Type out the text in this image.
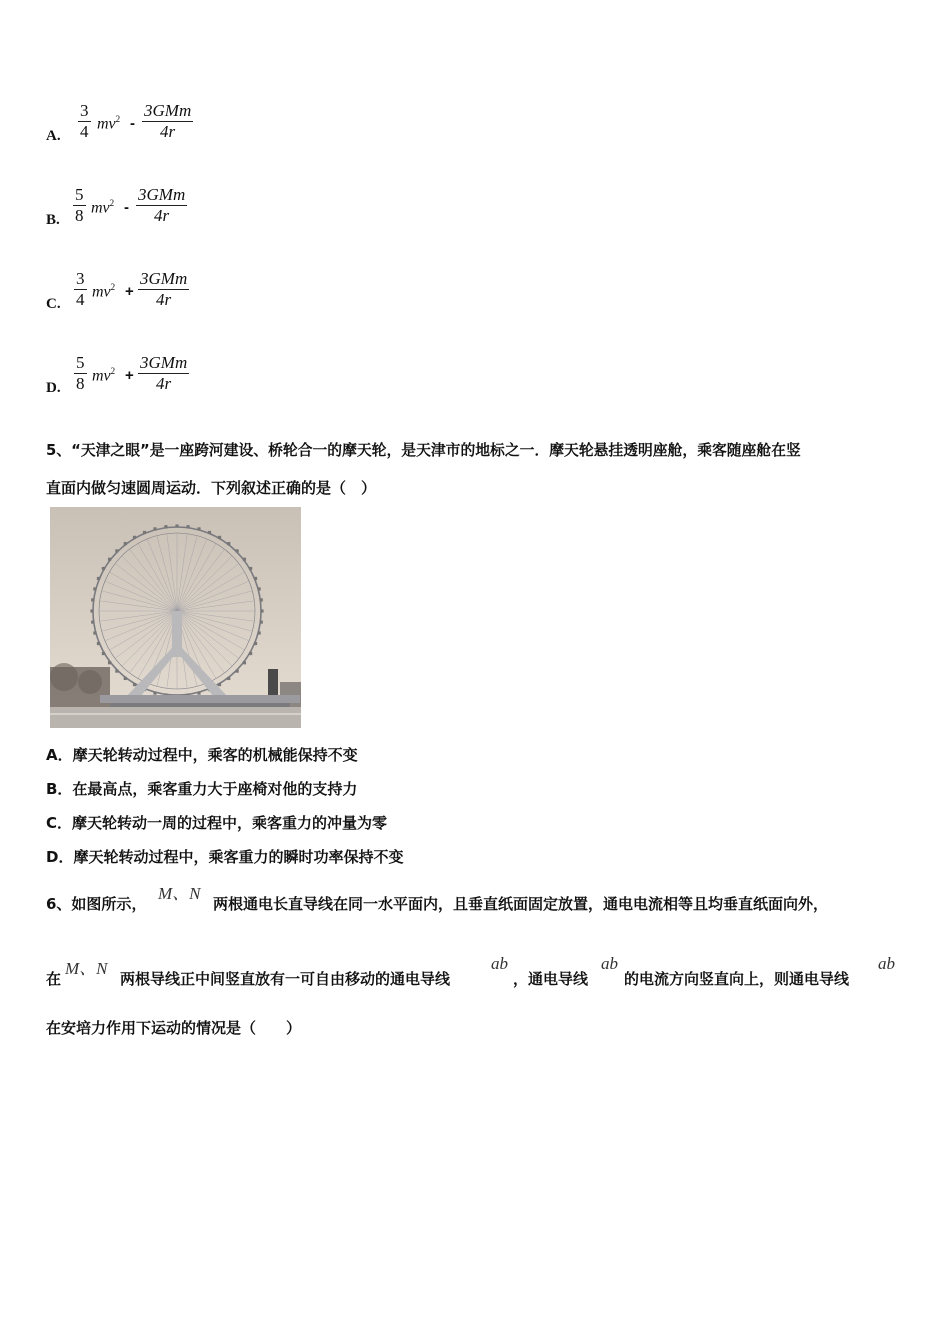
A. $\frac{3}{4} mv^2$ -
3GMm
4r
B. $\frac{5}{8} mv^2$ -
3GMm
4r
C. $\frac{3}{4} mv^2$ +
3GMm
4r
D. $\frac{5}{8} mv^2$ +
3GMm
4r
5、“天津之眼”是一座跨河建设、桥轮合一的摩天轮，是天津市的地标之一．摩天轮悬挂透明座舱，乘客随座舱在竖
直面内做匀速圆周运动．下列叙述正确的是（　）
A．摩天轮转动过程中，乘客的机械能保持不变
B．在最高点，乘客重力大于座椅对他的支持力
C．摩天轮转动一周的过程中，乘客重力的冲量为零
D．摩天轮转动过程中，乘客重力的瞬时功率保持不变
6、如图所示，
M、N
两根通电长直导线在同一水平面内，且垂直纸面固定放置，通电电流相等且均垂直纸面向外，
在
M、N
两根导线正中间竖直放有一可自由移动的通电导线
ab
，通电导线
ab
的电流方向竖直向上，则通电导线
ab
在安培力作用下运动的情况是（　　）
